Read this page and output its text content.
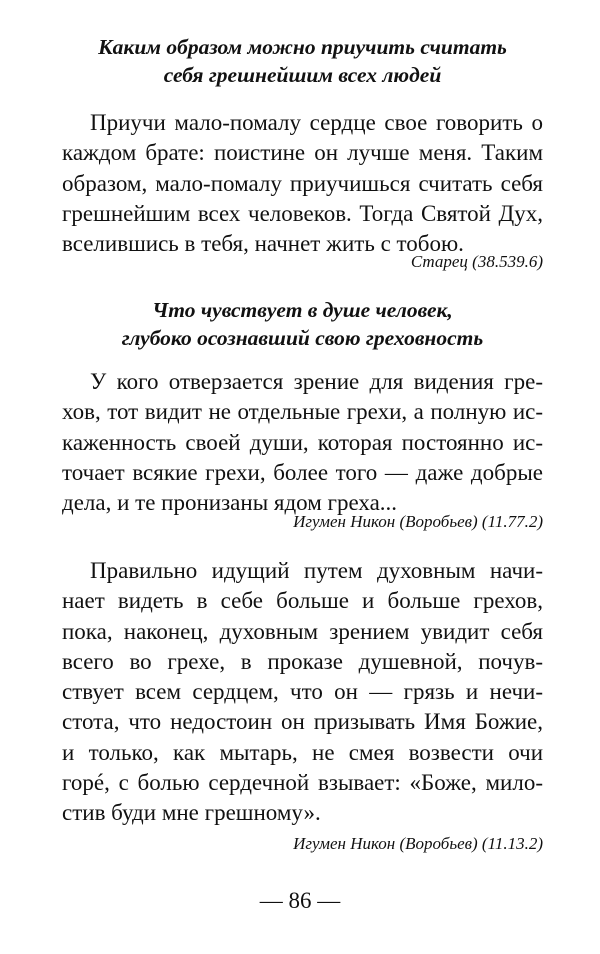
Каким образом можно приучить считать
себя грешнейшим всех людей
Приучи мало-помалу сердце свое говорить о
каждом брате: поистине он лучше меня. Таким
образом, мало-помалу приучишься считать себя
грешнейшим всех человеков. Тогда Святой Дух,
вселившись в тебя, начнет жить с тобою.
Старец (38.539.6)
Что чувствует в душе человек,
глубоко осознавший свою греховность
У кого отверзается зрение для видения гре-
хов, тот видит не отдельные грехи, а полную ис-
каженность своей души, которая постоянно ис-
точает всякие грехи, более того — даже добрые
дела, и те пронизаны ядом греха...
Игумен Никон (Воробьев) (11.77.2)
Правильно идущий путем духовным начи-
нает видеть в себе больше и больше грехов,
пока, наконец, духовным зрением увидит себя
всего во грехе, в проказе душевной, почув-
ствует всем сердцем, что он — грязь и нечи-
стота, что недостоин он призывать Имя Божие,
и только, как мытарь, не смея возвести очи
горé, с болью сердечной взывает: «Боже, мило-
стив буди мне грешному».
Игумен Никон (Воробьев) (11.13.2)
— 86 —
